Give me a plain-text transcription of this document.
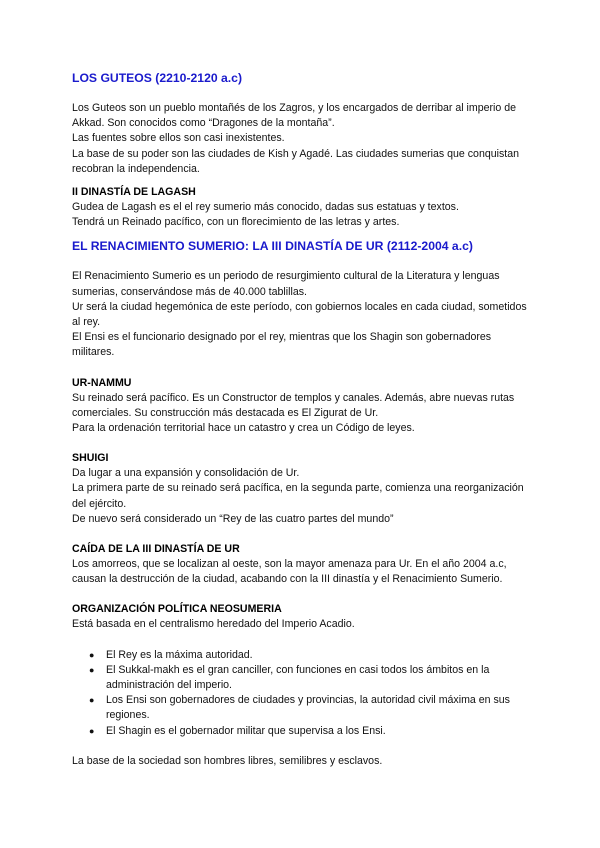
LOS GUTEOS (2210-2120 a.c)

Los Guteos son un pueblo montañés de los Zagros, y los encargados de derribar al imperio de Akkad. Son conocidos como “Dragones de la montaña”.

Las fuentes sobre ellos son casi inexistentes.

La base de su poder son las ciudades de Kish y Agadé. Las ciudades sumerias que conquistan recobran la independencia.

II DINASTÍA DE LAGASH

Gudea de Lagash es el el rey sumerio más conocido, dadas sus estatuas y textos.

Tendrá un Reinado pacífico, con un florecimiento de las letras y artes.

EL RENACIMIENTO SUMERIO: LA III DINASTÍA DE UR (2112-2004 a.c)

El Renacimiento Sumerio es un periodo de resurgimiento cultural de la Literatura y lenguas sumerias, conservándose más de 40.000 tablillas.

Ur será la ciudad hegemónica de este período, con gobiernos locales en cada ciudad, sometidos al rey.

El Ensi es el funcionario designado por el rey, mientras que los Shagin son gobernadores militares.

UR-NAMMU

Su reinado será pacífico. Es un Constructor de templos y canales. Además, abre nuevas rutas comerciales. Su construcción más destacada es El Zigurat de Ur.

Para la ordenación territorial hace un catastro y crea un Código de leyes.

SHUIGI

Da lugar a una expansión y consolidación de Ur.

La primera parte de su reinado será pacífica, en la segunda parte, comienza una reorganización del ejército.

De nuevo será considerado un “Rey de las cuatro partes del mundo”

CAÍDA DE LA III DINASTÍA DE UR

Los amorreos, que se localizan al oeste, son la mayor amenaza para Ur. En el año 2004 a.c, causan la destrucción de la ciudad, acabando con la III dinastía y el Renacimiento Sumerio.

ORGANIZACIÓN POLÍTICA NEOSUMERIA

Está basada en el centralismo heredado del Imperio Acadio.

● El Rey es la máxima autoridad.
● El Sukkal-makh es el gran canciller, con funciones en casi todos los ámbitos en la administración del imperio.
● Los Ensi son gobernadores de ciudades y provincias, la autoridad civil máxima en sus regiones.
● El Shagin es el gobernador militar que supervisa a los Ensi.

La base de la sociedad son hombres libres, semilibres y esclavos.
